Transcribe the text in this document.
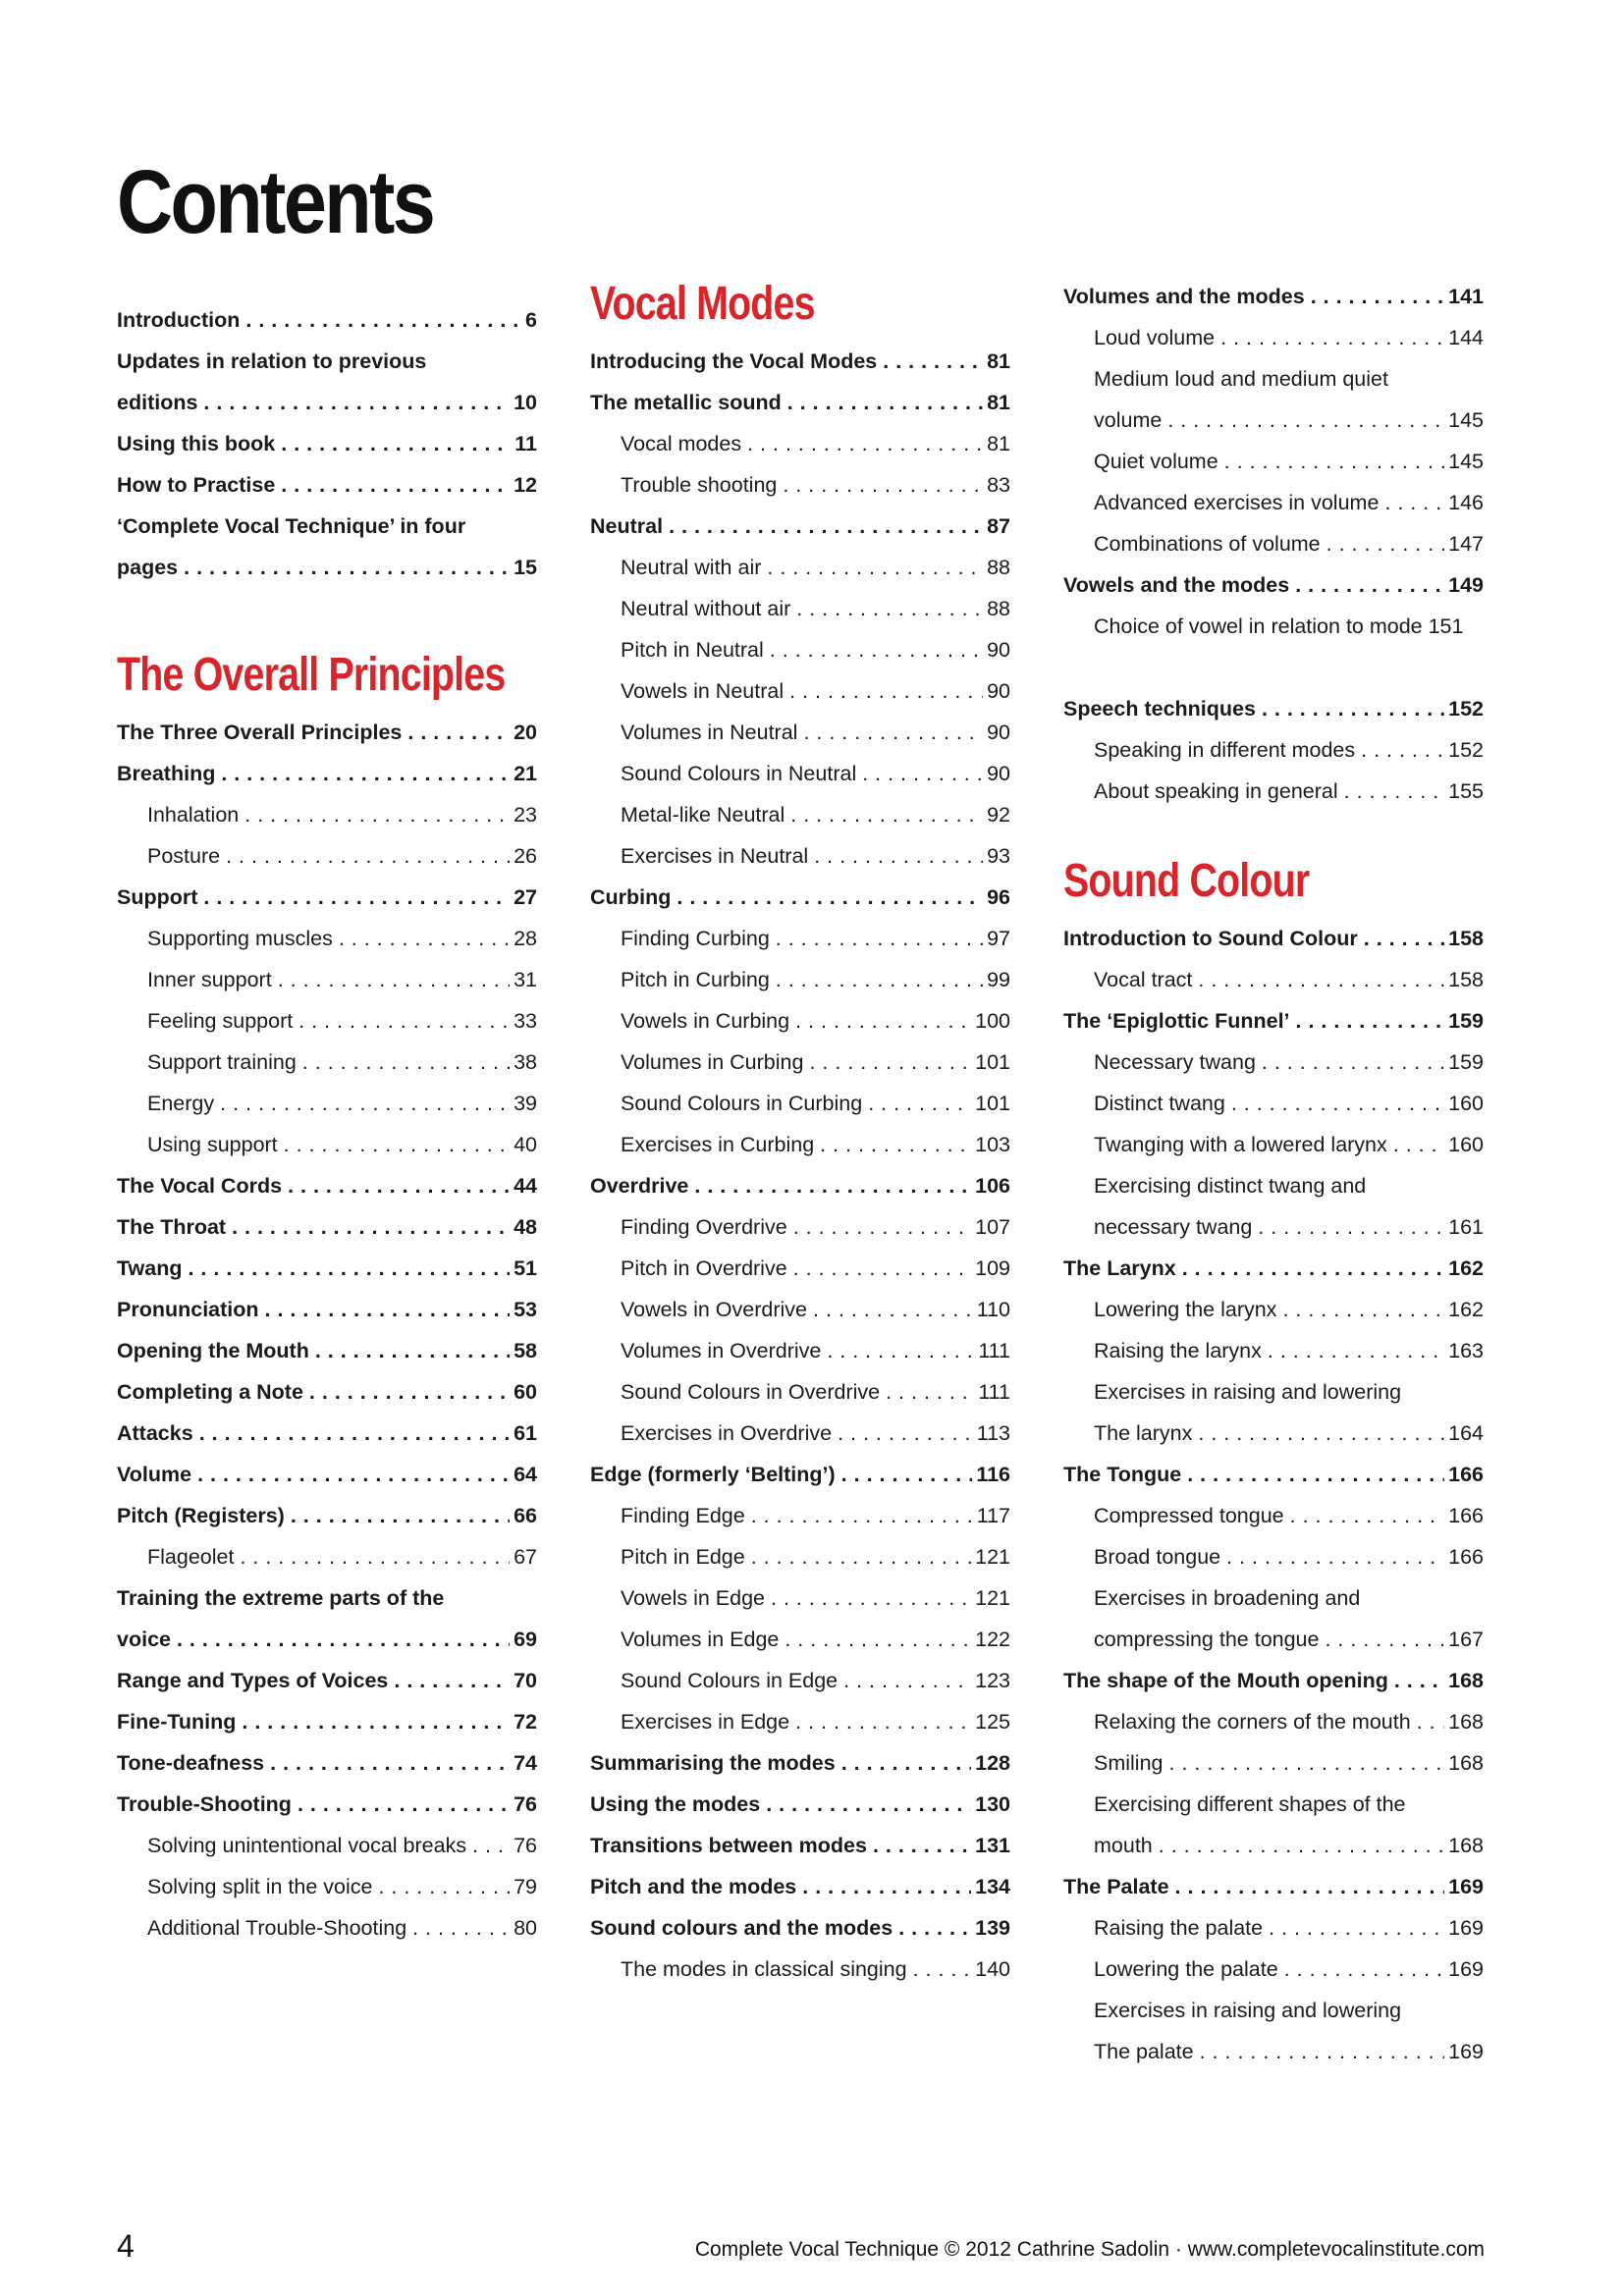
Contents
Introduction . . .	6
Updates in relation to previous
editions . . .	10
Using this book . . .	11
How to Practise . . .	12
‘Complete Vocal Technique’ in four
pages . . .	15
The Overall Principles
The Three Overall Principles . . .	20
Breathing . . .	21
Inhalation . . .	23
Posture . . .	26
Support . . .	27
Supporting muscles . . .	28
Inner support . . .	31
Feeling support . . .	33
Support training . . .	38
Energy . . .	39
Using support . . .	40
The Vocal Cords . . .	44
The Throat . . .	48
Twang . . .	51
Pronunciation . . .	53
Opening the Mouth . . .	58
Completing a Note . . .	60
Attacks . . .	61
Volume . . .	64
Pitch (Registers) . . .	66
Flageolet . . .	67
Training the extreme parts of the
voice . . .	69
Range and Types of Voices . . .	70
Fine-Tuning . . .	72
Tone-deafness . . .	74
Trouble-Shooting . . .	76
Solving unintentional vocal breaks . . . 76
Solving split in the voice . . .	79
Additional Trouble-Shooting . . .	80
Vocal Modes
Introducing the Vocal Modes . . .	81
The metallic sound . . .	81
Vocal modes . . .	81
Trouble shooting . . .	83
Neutral . . .	87
Neutral with air . . .	88
Neutral without air . . .	88
Pitch in Neutral . . .	90
Vowels in Neutral . . .	90
Volumes in Neutral . . .	90
Sound Colours in Neutral . . .	90
Metal-like Neutral . . .	92
Exercises in Neutral . . .	93
Curbing . . .	96
Finding Curbing . . .	97
Pitch in Curbing . . .	99
Vowels in Curbing . . .	100
Volumes in Curbing . . .	101
Sound Colours in Curbing . . .	101
Exercises in Curbing . . .	103
Overdrive . . .	106
Finding Overdrive . . .	107
Pitch in Overdrive . . .	109
Vowels in Overdrive . . .	110
Volumes in Overdrive . . .	111
Sound Colours in Overdrive . . .	111
Exercises in Overdrive . . .	113
Edge (formerly ‘Belting’) . . .	116
Finding Edge . . .	117
Pitch in Edge . . .	121
Vowels in Edge . . .	121
Volumes in Edge . . .	122
Sound Colours in Edge . . .	123
Exercises in Edge . . .	125
Summarising the modes . . .	128
Using the modes . . .	130
Transitions between modes . . .	131
Pitch and the modes . . .	134
Sound colours and the modes . . .	139
The modes in classical singing . . .	140
Volumes and the modes . . .	141
Loud volume . . .	144
Medium loud and medium quiet
volume . . .	145
Quiet volume . . .	145
Advanced exercises in volume . . .	146
Combinations of volume . . .	147
Vowels and the modes . . .	149
Choice of vowel in relation to mode 151
Speech techniques . . .	152
Speaking in different modes . . .	152
About speaking in general . . .	155
Sound Colour
Introduction to Sound Colour . . .	158
Vocal tract . . .	158
The ‘Epiglottic Funnel’ . . .	159
Necessary twang . . .	159
Distinct twang . . .	160
Twanging with a lowered larynx . . .	160
Exercising distinct twang and
necessary twang . . .	161
The Larynx . . .	162
Lowering the larynx . . .	162
Raising the larynx . . .	163
Exercises in raising and lowering
The larynx . . .	164
The Tongue . . .	166
Compressed tongue . . .	166
Broad tongue . . .	166
Exercises in broadening and
compressing the tongue . . .	167
The shape of the Mouth opening . . .	168
Relaxing the corners of the mouth . . . 168
Smiling . . .	168
Exercising different shapes of the
mouth . . .	168
The Palate . . .	169
Raising the palate . . .	169
Lowering the palate . . .	169
Exercises in raising and lowering
The palate . . .	169
4	Complete Vocal Technique © 2012 Cathrine Sadolin · www.completevocalinstitute.com
